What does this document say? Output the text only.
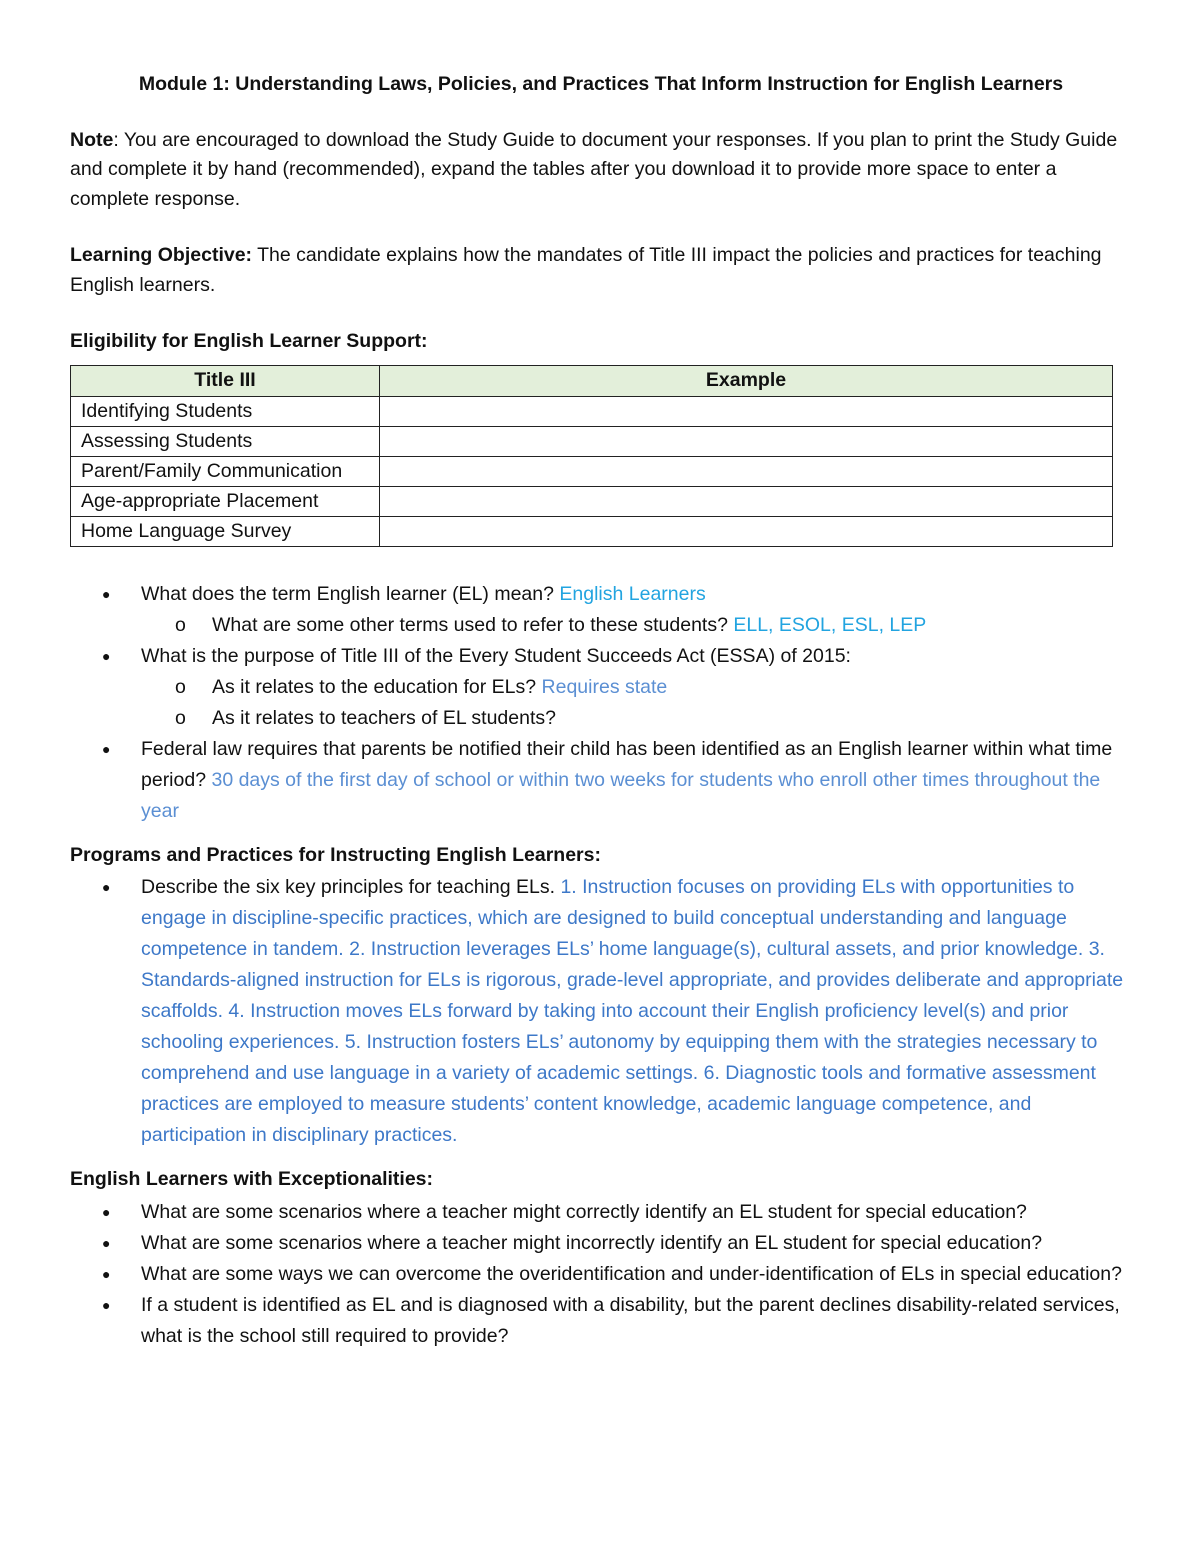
Module 1: Understanding Laws, Policies, and Practices That Inform Instruction for English Learners

Note: You are encouraged to download the Study Guide to document your responses. If you plan to print the Study Guide and complete it by hand (recommended), expand the tables after you download it to provide more space to enter a complete response.

Learning Objective: The candidate explains how the mandates of Title III impact the policies and practices for teaching English learners.

Eligibility for English Learner Support:

Title III	Example
Identifying Students	
Assessing Students	
Parent/Family Communication	
Age-appropriate Placement	
Home Language Survey	
● What does the term English learner (EL) mean? English Learners
o What are some other terms used to refer to these students? ELL, ESOL, ESL, LEP
● What is the purpose of Title III of the Every Student Succeeds Act (ESSA) of 2015:
o As it relates to the education for ELs? Requires state
o As it relates to teachers of EL students?
● Federal law requires that parents be notified their child has been identified as an English learner within what time period? 30 days of the first day of school or within two weeks for students who enroll other times throughout the year

Programs and Practices for Instructing English Learners:

● Describe the six key principles for teaching ELs. 1. Instruction focuses on providing ELs with opportunities to engage in discipline-specific practices, which are designed to build conceptual understanding and language competence in tandem. 2. Instruction leverages ELs’ home language(s), cultural assets, and prior knowledge. 3. Standards-aligned instruction for ELs is rigorous, grade-level appropriate, and provides deliberate and appropriate scaffolds. 4. Instruction moves ELs forward by taking into account their English proficiency level(s) and prior schooling experiences. 5. Instruction fosters ELs’ autonomy by equipping them with the strategies necessary to comprehend and use language in a variety of academic settings. 6. Diagnostic tools and formative assessment practices are employed to measure students’ content knowledge, academic language competence, and participation in disciplinary practices.

English Learners with Exceptionalities:

● What are some scenarios where a teacher might correctly identify an EL student for special education?
● What are some scenarios where a teacher might incorrectly identify an EL student for special education?
● What are some ways we can overcome the overidentification and under-identification of ELs in special education?
● If a student is identified as EL and is diagnosed with a disability, but the parent declines disability-related services, what is the school still required to provide?
